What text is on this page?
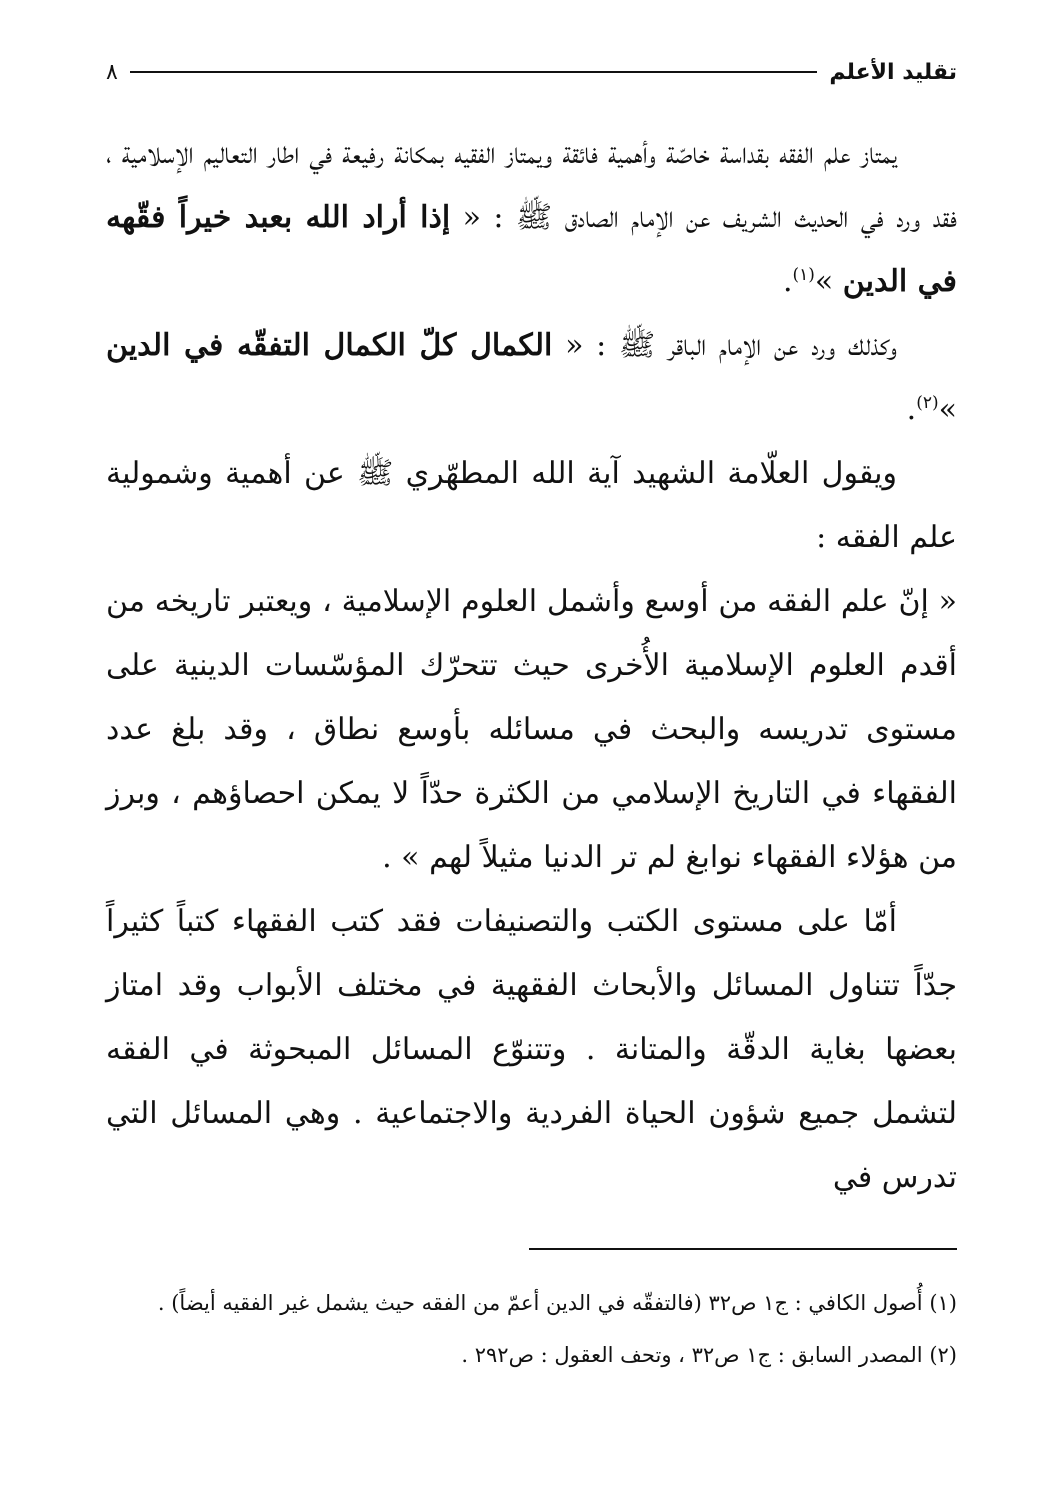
تقليد الأعلم
٨

يمتاز علم الفقه بقداسة خاصّة وأهمية فائقة ويمتاز الفقيه بمكانة رفيعة في اطار التعاليم الإسلامية ، فقد ورد في الحديث الشريف عن الإمام الصادق ﷺ : « إذا أراد الله بعبد خيراً فقّهه في الدين »$^{(١)}$.

وكذلك ورد عن الإمام الباقر ﷺ : « الكمال كلّ الكمال التفقّه في الدين »$^{(٢)}$.

ويقول العلّامة الشهيد آية الله المطهّري ﷺ عن أهمية وشمولية علم الفقه :

« إنّ علم الفقه من أوسع وأشمل العلوم الإسلامية ، ويعتبر تاريخه من أقدم العلوم الإسلامية الأُخرى حيث تتحرّك المؤسّسات الدينية على مستوى تدريسه والبحث في مسائله بأوسع نطاق ، وقد بلغ عدد الفقهاء في التاريخ الإسلامي من الكثرة حدّاً لا يمكن احصاؤهم ، وبرز من هؤلاء الفقهاء نوابغ لم تر الدنيا مثيلاً لهم » .

أمّا على مستوى الكتب والتصنيفات فقد كتب الفقهاء كتباً كثيراً جدّاً تتناول المسائل والأبحاث الفقهية في مختلف الأبواب وقد امتاز بعضها بغاية الدقّة والمتانة . وتتنوّع المسائل المبحوثة في الفقه لتشمل جميع شؤون الحياة الفردية والاجتماعية . وهي المسائل التي تدرس في

(١) أُصول الكافي : ج١ ص٣٢ (فالتفقّه في الدين أعمّ من الفقه حيث يشمل غير الفقيه أيضاً) .

(٢) المصدر السابق : ج١ ص٣٢ ، وتحف العقول : ص٢٩٢ .
